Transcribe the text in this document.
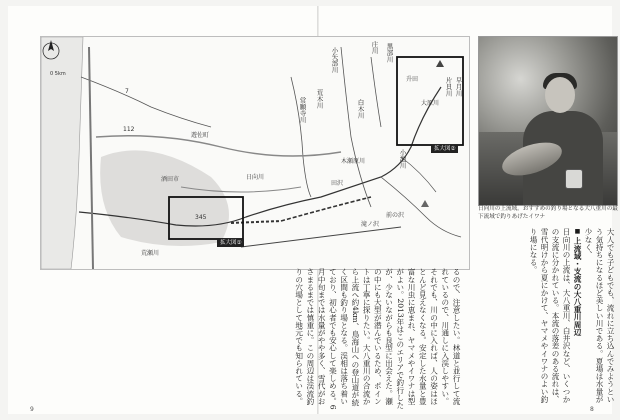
0 5km
庄川 黒部川
早月川
片貝川
小矢部川
常願寺川 荒木川
白木川
小池川
日向川
前の沢
滝ノ沢
荒瀬川
大原川
木瀬原川
酒田市
遊佐町
田沢
升田
7
112
345
拡大図①
拡大図②
日向川の上流域。おすすめの釣り場となる大八重川の最下流域で釣りあげたイワナ
大人でも子どもでも、流れに立ち込んでみようという気持ちになるほど美しい川である。夏場は水量が少なく、
■ 上流域・支流の大八重川周辺
日向川の上流は、大八重川、白井沢など、いくつかの支流に分かれている。本流の落差のある流れは、雪代明けから夏にかけて、ヤマメやイワナのよい釣り場になる。
るので、注意したい。林道と並行して流れているので、川通しに入渓しやすい。それでも、川の中に入れば、人の姿はほとんど見えなくなる。安定した水量と豊富な川虫に恵まれ、ヤマメやイワナは型がよい。2013年はこのエリアで釣行したが、少ないながらも良型に出会えた。瀬の中にも大型が潜んでいるため、ポイントは丁寧に探りたい。大八重川の合流から上流へ約4km、鳥海山への登山道が続く区間も釣り場となる。渓相は落ち着いており、初心者でも安心して楽しめる。6月中旬までは水量がやや多く、雪代がおさまるまでは慎重に。この周辺は渓流釣りの穴場として地元でも知られている。
9	8
